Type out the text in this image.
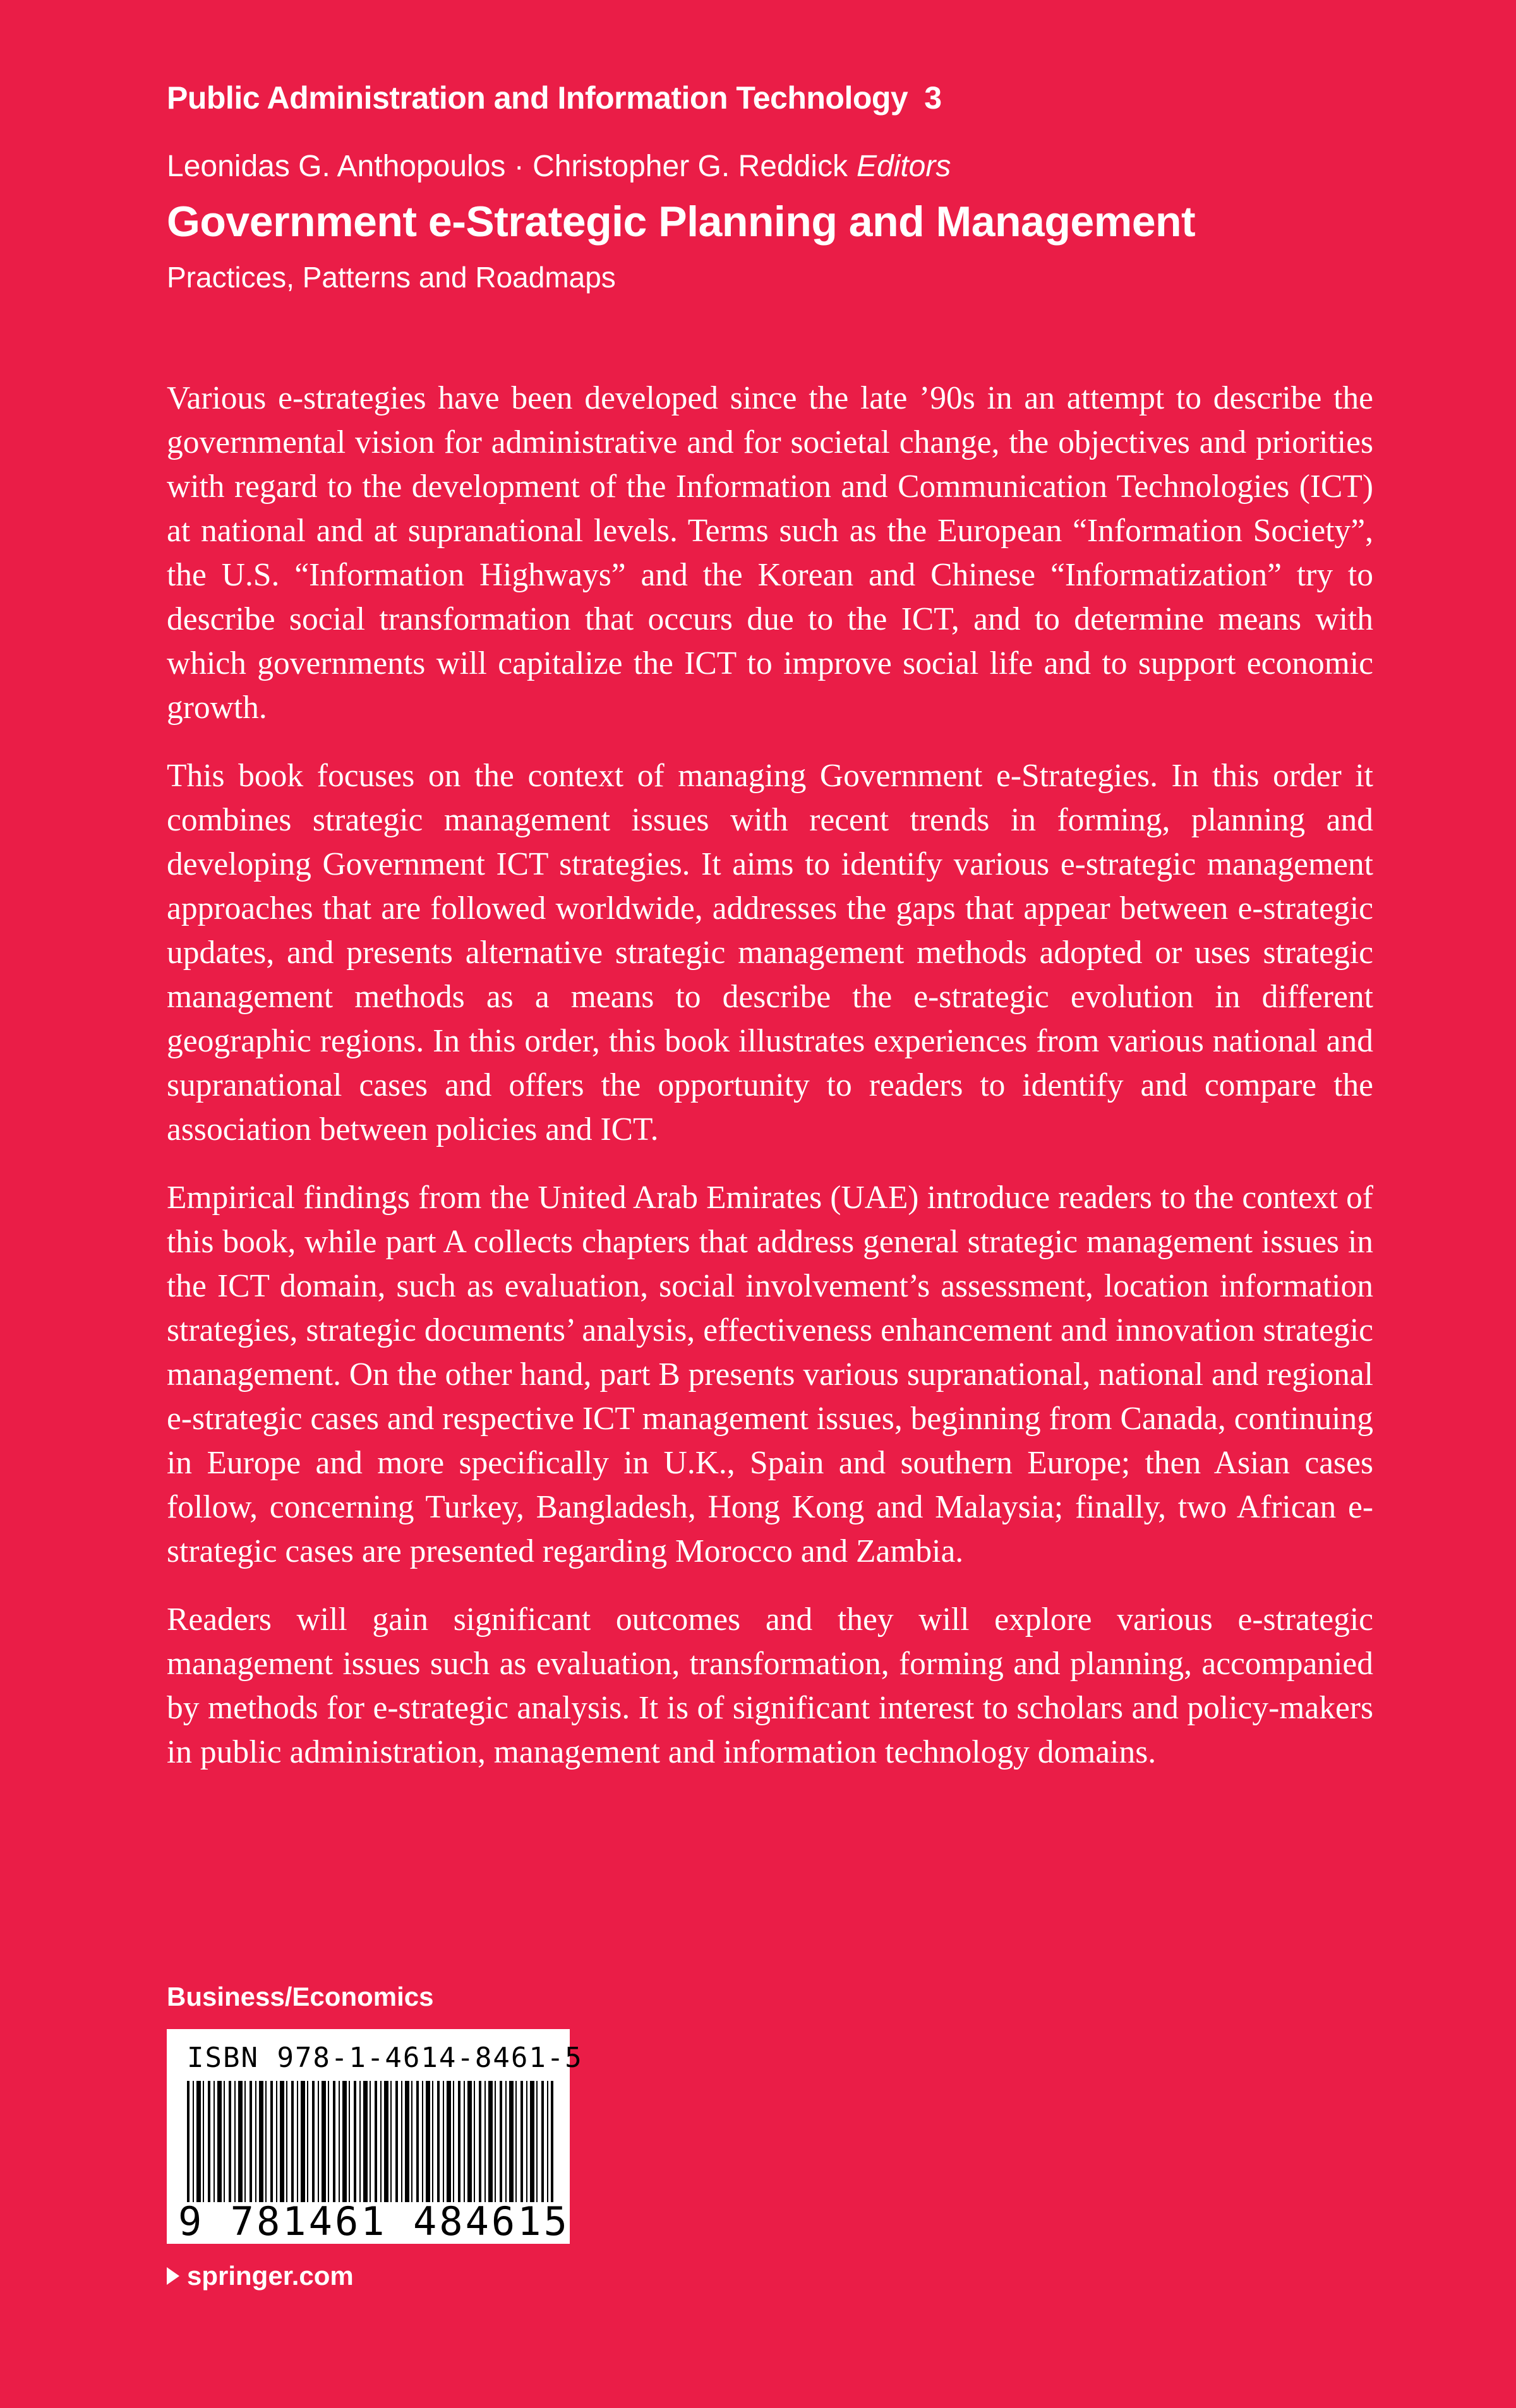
Public Administration and Information Technology 3
Leonidas G. Anthopoulos · Christopher G. Reddick Editors
Government e-Strategic Planning and Management
Practices, Patterns and Roadmaps

Various e-strategies have been developed since the late ’90s in an attempt to describe the governmental vision for administrative and for societal change, the objectives and priorities with regard to the development of the Information and Communication Technologies (ICT) at national and at supranational levels. Terms such as the European “Information Society”, the U.S. “Information Highways” and the Korean and Chinese “Informatization” try to describe social transformation that occurs due to the ICT, and to determine means with which governments will capitalize the ICT to improve social life and to support economic growth.

This book focuses on the context of managing Government e-Strategies. In this order it combines strategic management issues with recent trends in forming, planning and developing Government ICT strategies. It aims to identify various e-strategic management approaches that are followed worldwide, addresses the gaps that appear between e-strategic updates, and presents alternative strategic management methods adopted or uses strategic management methods as a means to describe the e-strategic evolution in different geographic regions. In this order, this book illustrates experiences from various national and supranational cases and offers the opportunity to readers to identify and compare the association between policies and ICT.

Empirical findings from the United Arab Emirates (UAE) introduce readers to the context of this book, while part A collects chapters that address general strategic management issues in the ICT domain, such as evaluation, social involvement’s assessment, location information strategies, strategic documents’ analysis, effectiveness enhancement and innovation strategic management. On the other hand, part B presents various supranational, national and regional e-strategic cases and respective ICT management issues, beginning from Canada, continuing in Europe and more specifically in U.K., Spain and southern Europe; then Asian cases follow, concerning Turkey, Bangladesh, Hong Kong and Malaysia; finally, two African e-strategic cases are presented regarding Morocco and Zambia.

Readers will gain significant outcomes and they will explore various e-strategic management issues such as evaluation, transformation, forming and planning, accompanied by methods for e-strategic analysis. It is of significant interest to scholars and policy-makers in public administration, management and information technology domains.

Business/Economics
ISBN 978-1-4614-8461-5
9 781461 484615
springer.com
